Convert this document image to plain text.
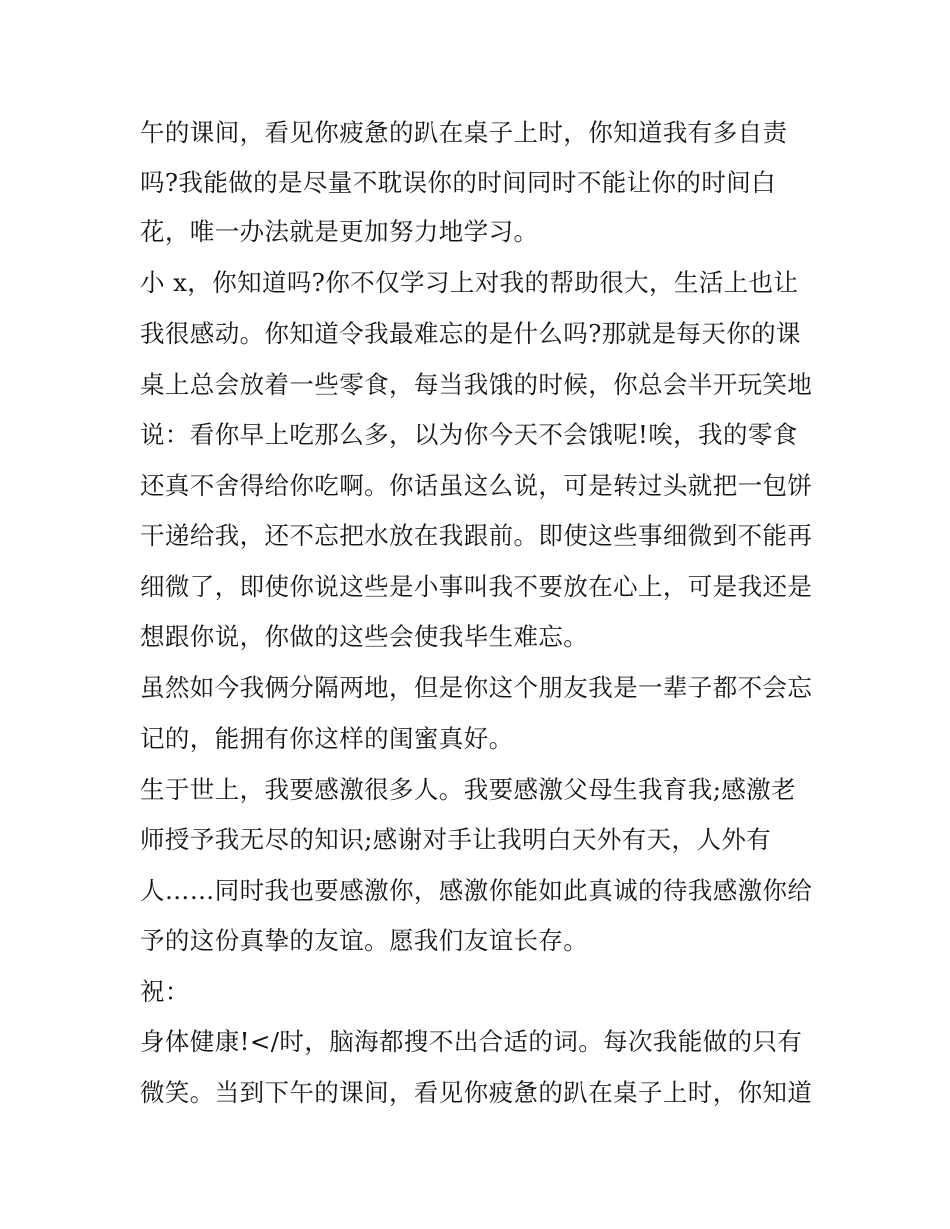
午的课间，看见你疲惫的趴在桌子上时，你知道我有多自责
吗?我能做的是尽量不耽误你的时间同时不能让你的时间白
花，唯一办法就是更加努力地学习。
小 x，你知道吗?你不仅学习上对我的帮助很大，生活上也让
我很感动。你知道令我最难忘的是什么吗?那就是每天你的课
桌上总会放着一些零食，每当我饿的时候，你总会半开玩笑地
说：看你早上吃那么多，以为你今天不会饿呢!唉，我的零食
还真不舍得给你吃啊。你话虽这么说，可是转过头就把一包饼
干递给我，还不忘把水放在我跟前。即使这些事细微到不能再
细微了，即使你说这些是小事叫我不要放在心上，可是我还是
想跟你说，你做的这些会使我毕生难忘。
虽然如今我俩分隔两地，但是你这个朋友我是一辈子都不会忘
记的，能拥有你这样的闺蜜真好。
生于世上，我要感激很多人。我要感激父母生我育我;感激老
师授予我无尽的知识;感谢对手让我明白天外有天，人外有
人……同时我也要感激你，感激你能如此真诚的待我感激你给
予的这份真挚的友谊。愿我们友谊长存。
祝：
身体健康!</时，脑海都搜不出合适的词。每次我能做的只有
微笑。当到下午的课间，看见你疲惫的趴在桌子上时，你知道
